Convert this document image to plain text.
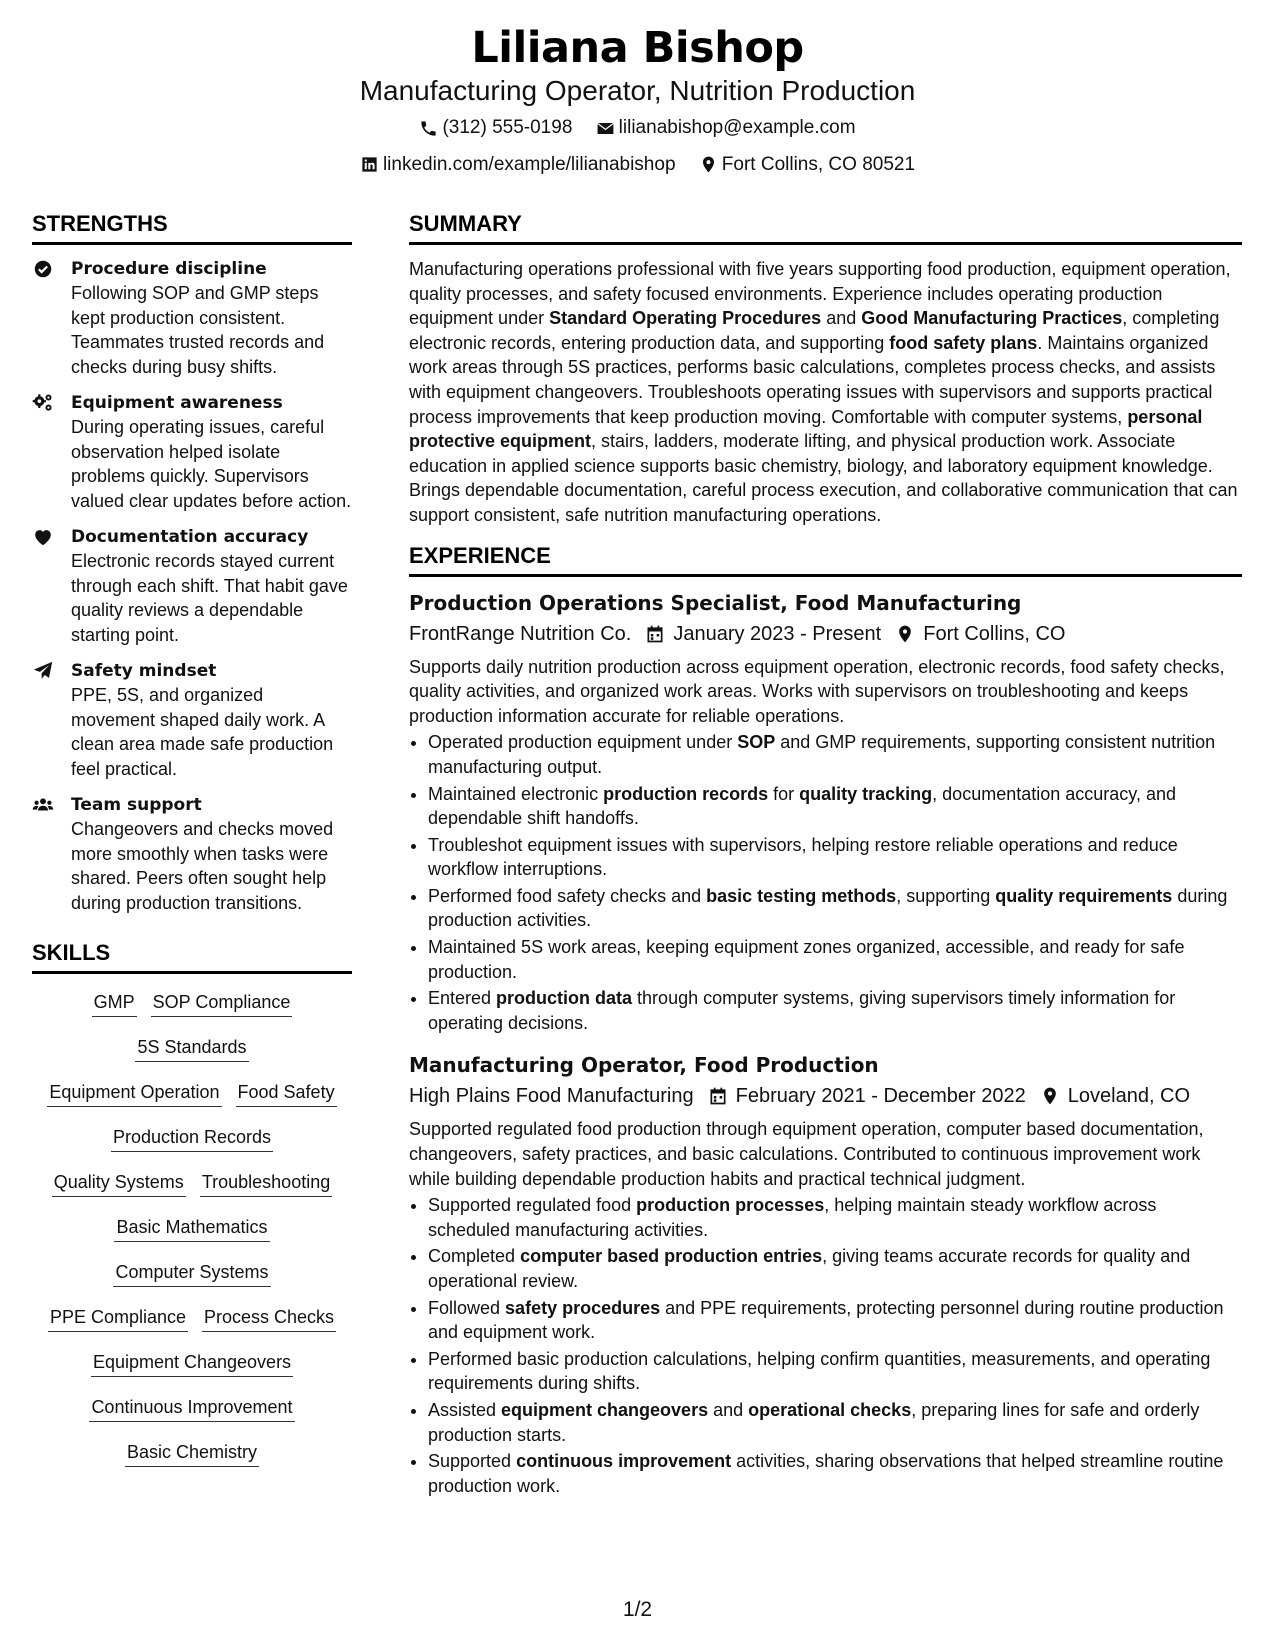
Liliana Bishop
Manufacturing Operator, Nutrition Production
(312) 555-0198
lilianabishop@example.com
linkedin.com/example/lilianabishop
Fort Collins, CO 80521
STRENGTHS
Procedure discipline
Following SOP and GMP steps kept production consistent. Teammates trusted records and checks during busy shifts.
Equipment awareness
During operating issues, careful observation helped isolate problems quickly. Supervisors valued clear updates before action.
Documentation accuracy
Electronic records stayed current through each shift. That habit gave quality reviews a dependable starting point.
Safety mindset
PPE, 5S, and organized movement shaped daily work. A clean area made safe production feel practical.
Team support
Changeovers and checks moved more smoothly when tasks were shared. Peers often sought help during production transitions.
SKILLS
GMP SOP Compliance
5S Standards
Equipment Operation Food Safety
Production Records
Quality Systems Troubleshooting
Basic Mathematics
Computer Systems
PPE Compliance Process Checks
Equipment Changeovers
Continuous Improvement
Basic Chemistry
SUMMARY
Manufacturing operations professional with five years supporting food production, equipment operation, quality processes, and safety focused environments. Experience includes operating production equipment under Standard Operating Procedures and Good Manufacturing Practices, completing electronic records, entering production data, and supporting food safety plans. Maintains organized work areas through 5S practices, performs basic calculations, completes process checks, and assists with equipment changeovers. Troubleshoots operating issues with supervisors and supports practical process improvements that keep production moving. Comfortable with computer systems, personal protective equipment, stairs, ladders, moderate lifting, and physical production work. Associate education in applied science supports basic chemistry, biology, and laboratory equipment knowledge. Brings dependable documentation, careful process execution, and collaborative communication that can support consistent, safe nutrition manufacturing operations.
EXPERIENCE
Production Operations Specialist, Food Manufacturing
FrontRange Nutrition Co. January 2023 - Present Fort Collins, CO
Supports daily nutrition production across equipment operation, electronic records, food safety checks, quality activities, and organized work areas. Works with supervisors on troubleshooting and keeps production information accurate for reliable operations.
• Operated production equipment under SOP and GMP requirements, supporting consistent nutrition manufacturing output.
• Maintained electronic production records for quality tracking, documentation accuracy, and dependable shift handoffs.
• Troubleshot equipment issues with supervisors, helping restore reliable operations and reduce workflow interruptions.
• Performed food safety checks and basic testing methods, supporting quality requirements during production activities.
• Maintained 5S work areas, keeping equipment zones organized, accessible, and ready for safe production.
• Entered production data through computer systems, giving supervisors timely information for operating decisions.
Manufacturing Operator, Food Production
High Plains Food Manufacturing February 2021 - December 2022 Loveland, CO
Supported regulated food production through equipment operation, computer based documentation, changeovers, safety practices, and basic calculations. Contributed to continuous improvement work while building dependable production habits and practical technical judgment.
• Supported regulated food production processes, helping maintain steady workflow across scheduled manufacturing activities.
• Completed computer based production entries, giving teams accurate records for quality and operational review.
• Followed safety procedures and PPE requirements, protecting personnel during routine production and equipment work.
• Performed basic production calculations, helping confirm quantities, measurements, and operating requirements during shifts.
• Assisted equipment changeovers and operational checks, preparing lines for safe and orderly production starts.
• Supported continuous improvement activities, sharing observations that helped streamline routine production work.
1/2
